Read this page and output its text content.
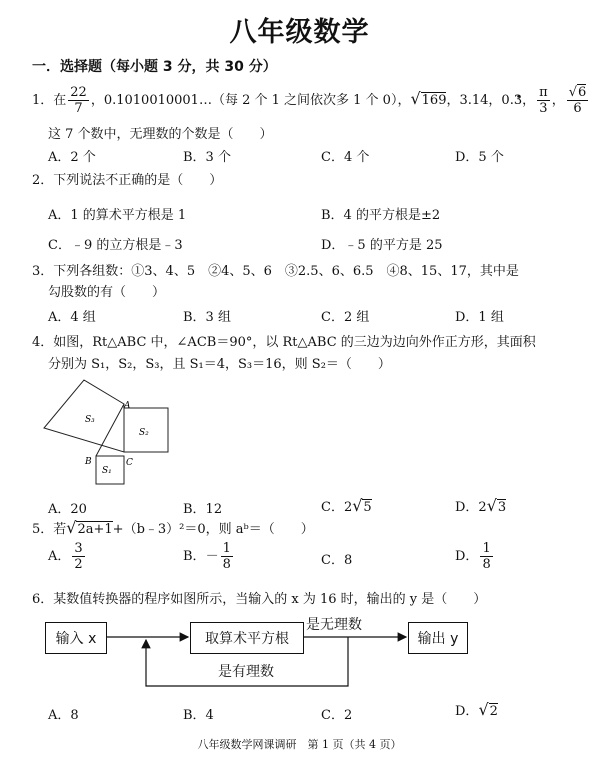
八年级数学
一．选择题（每小题 3 分，共 30 分）
1．在 $\frac{22}{7}$ ，0.1010010001…（每 2 个 1 之间依次多 1 个 0），√169，3.14，0.3 •， $\frac{\pi}{3}$ ， $\frac{√6}{6}$
这 7 个数中，无理数的个数是（　　）
A．2 个	B．3 个	C．4 个	D．5 个
2．下列说法不正确的是（　　）
A．1 的算术平方根是 1	B．4 的平方根是±2
C．﹣9 的立方根是﹣3	D．﹣5 的平方是 25
3．下列各组数：①3、4、5　②4、5、6　③2.5、6、6.5　④8、15、17，其中是
勾股数的有（　　）
A．4 组	B．3 组	C．2 组	D．1 组
4．如图，Rt△ABC 中，∠ACB＝90°，以 Rt△ABC 的三边为边向外作正方形，其面积
分别为 S₁，S₂，S₃，且 S₁＝4，S₃＝16，则 S₂＝（　　）
S₃
S₂
S₁
A
B	C
A．20	B．12	C．2√5	D．2√3
5．若√2a+1+（b﹣3）²＝0，则 aᵇ＝（　　）
A． $\frac{3}{2}$	B．－ $\frac{1}{8}$	C．8	D． $\frac{1}{8}$
6．某数值转换器的程序如图所示，当输入的 x 为 16 时，输出的 y 是（　　）
输入 x	取算术平方根	输出 y
是无理数
是有理数
A．8	B．4	C．2	D．√2
八年级数学网课调研　第 1 页（共 4 页）
